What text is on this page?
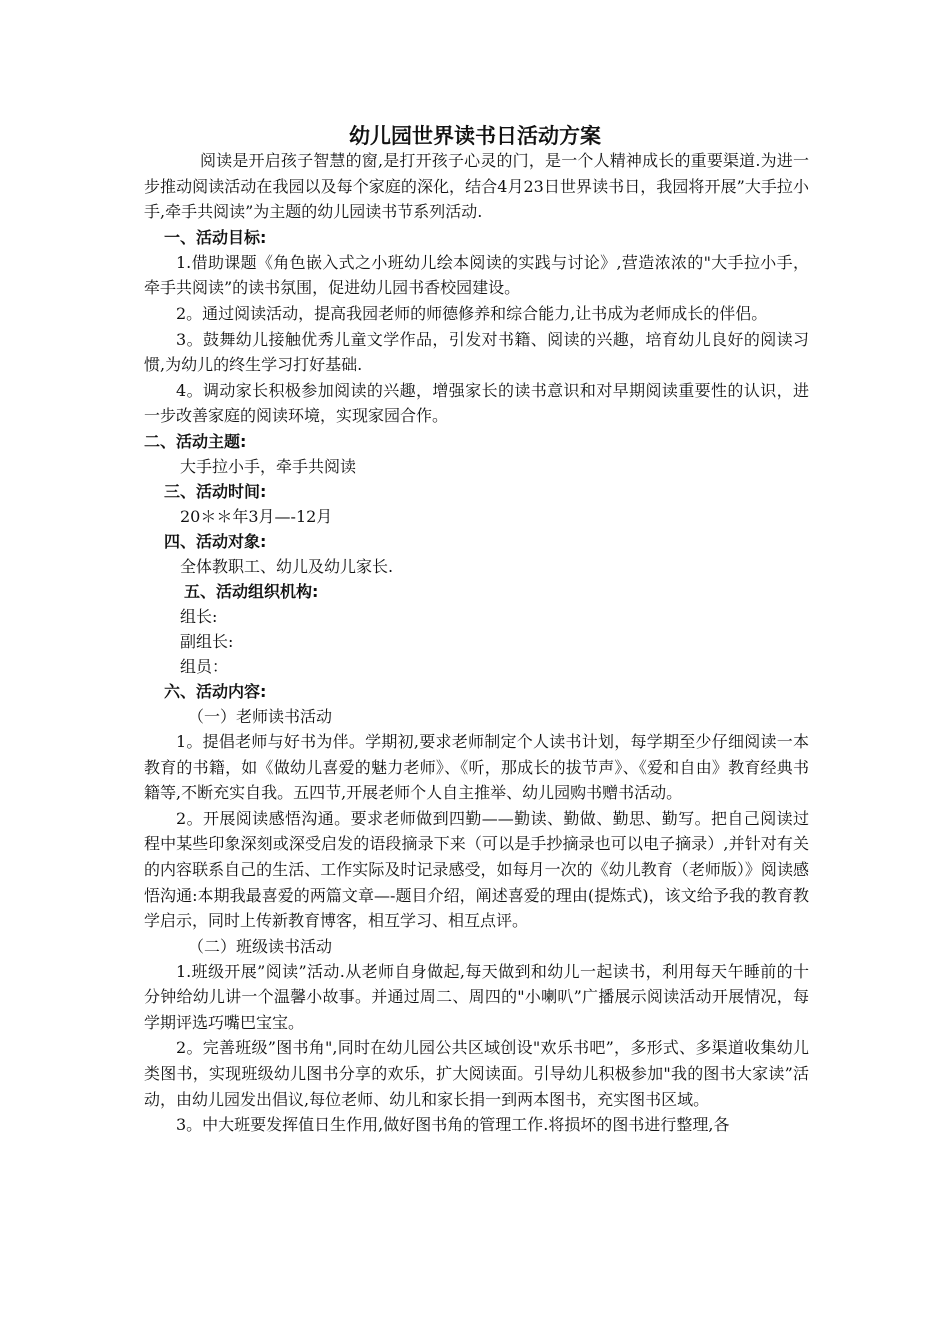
幼儿园世界读书日活动方案

阅读是开启孩子智慧的窗,是打开孩子心灵的门，是一个人精神成长的重要渠道.为进一步推动阅读活动在我园以及每个家庭的深化，结合4月23日世界读书日，我园将开展”大手拉小手,牵手共阅读”为主题的幼儿园读书节系列活动.

一、活动目标:

1.借助课题《角色嵌入式之小班幼儿绘本阅读的实践与讨论》,营造浓浓的"大手拉小手，牵手共阅读”的读书氛围，促进幼儿园书香校园建设。

2。通过阅读活动，提高我园老师的师德修养和综合能力,让书成为老师成长的伴侣。

3。鼓舞幼儿接触优秀儿童文学作品，引发对书籍、阅读的兴趣，培育幼儿良好的阅读习惯,为幼儿的终生学习打好基础.

4。调动家长积极参加阅读的兴趣，增强家长的读书意识和对早期阅读重要性的认识，进一步改善家庭的阅读环境，实现家园合作。

二、活动主题:

大手拉小手，牵手共阅读

三、活动时间:

20＊＊年3月—-12月

四、活动对象:

全体教职工、幼儿及幼儿家长.

五、活动组织机构:

组长:

副组长:

组员：

六、活动内容:

（一）老师读书活动

1。提倡老师与好书为伴。学期初,要求老师制定个人读书计划，每学期至少仔细阅读一本教育的书籍，如《做幼儿喜爱的魅力老师》、《听，那成长的拔节声》、《爱和自由》教育经典书籍等,不断充实自我。五四节,开展老师个人自主推举、幼儿园购书赠书活动。

2。开展阅读感悟沟通。要求老师做到四勤——勤读、勤做、勤思、勤写。把自己阅读过程中某些印象深刻或深受启发的语段摘录下来（可以是手抄摘录也可以电子摘录）,并针对有关的内容联系自己的生活、工作实际及时记录感受，如每月一次的《幼儿教育（老师版）》阅读感悟沟通:本期我最喜爱的两篇文章—-题目介绍，阐述喜爱的理由(提炼式)，该文给予我的教育教学启示，同时上传新教育博客，相互学习、相互点评。

（二）班级读书活动

1.班级开展”阅读”活动.从老师自身做起,每天做到和幼儿一起读书，利用每天午睡前的十分钟给幼儿讲一个温馨小故事。并通过周二、周四的"小喇叭”广播展示阅读活动开展情况，每学期评选巧嘴巴宝宝。

2。完善班级”图书角",同时在幼儿园公共区域创设"欢乐书吧”，多形式、多渠道收集幼儿类图书，实现班级幼儿图书分享的欢乐，扩大阅读面。引导幼儿积极参加"我的图书大家读”活动，由幼儿园发出倡议,每位老师、幼儿和家长捐一到两本图书，充实图书区域。

3。中大班要发挥值日生作用,做好图书角的管理工作.将损坏的图书进行整理,各
